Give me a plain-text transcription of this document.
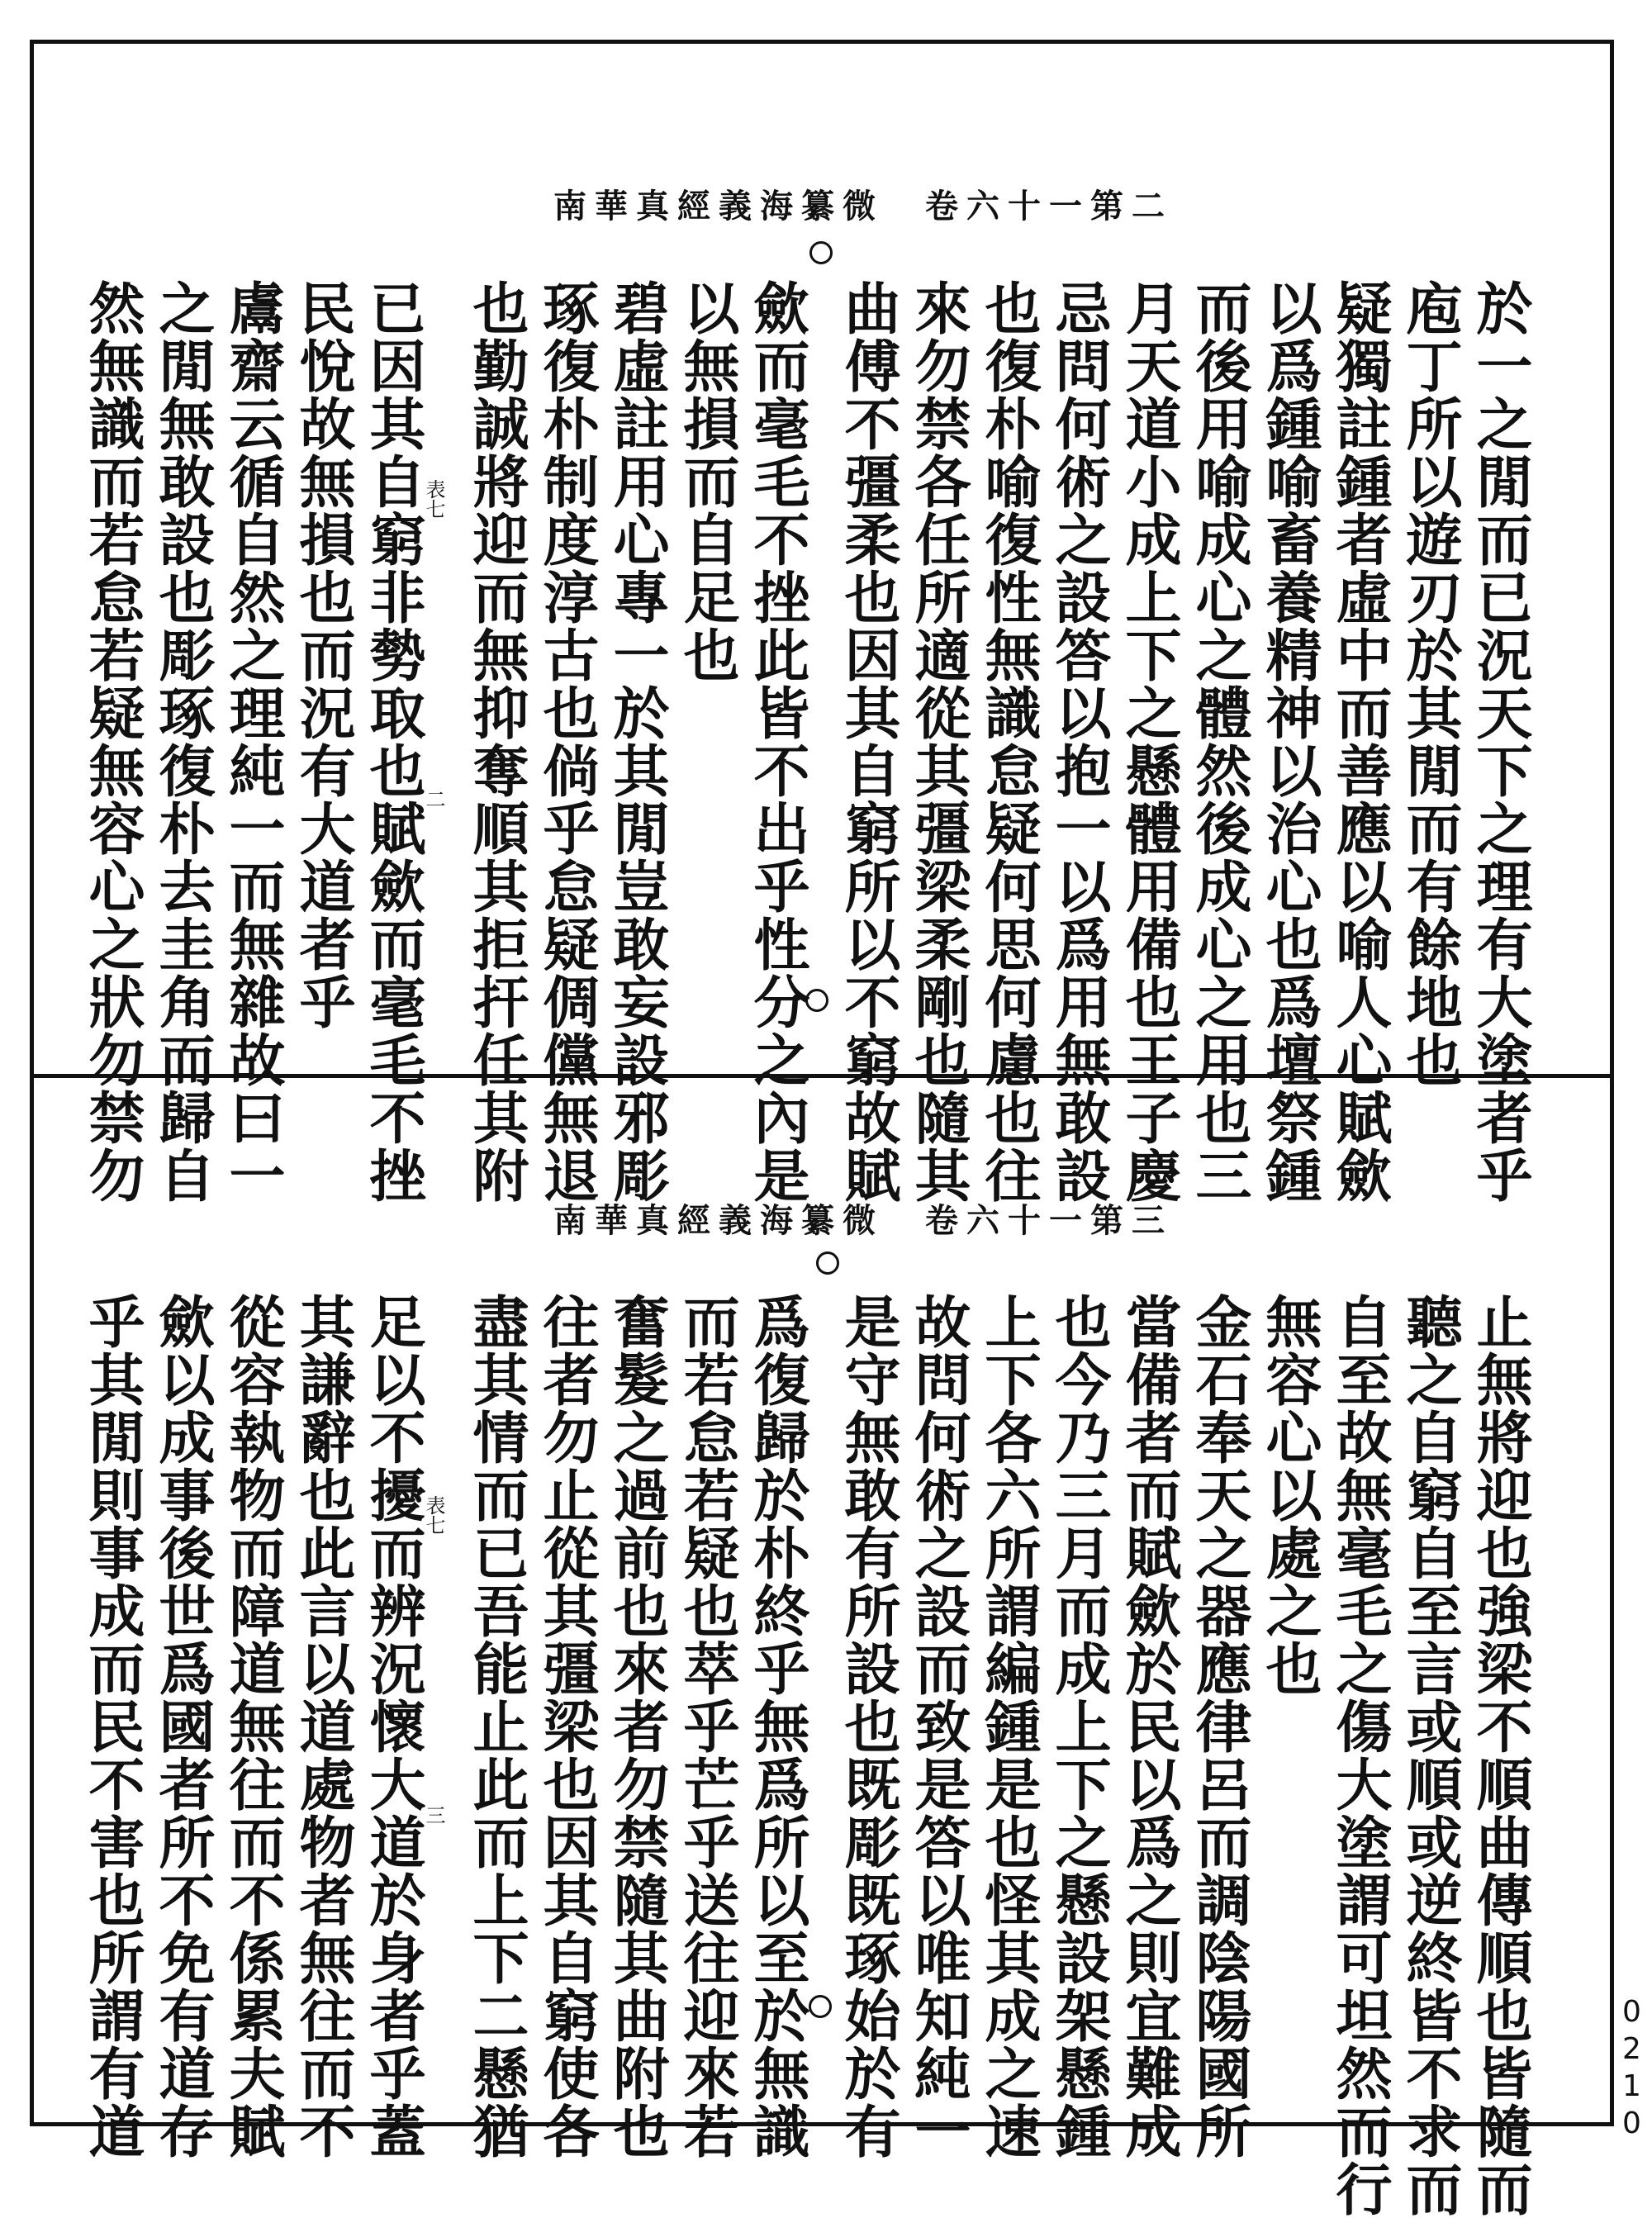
南華真經義海纂微　卷六十一第二
於一之閒而已況天下之理有大塗者乎
庖丁所以遊刃於其閒而有餘地也
疑獨註鍾者虛中而善應以喻人心賦歛
以爲鍾喻畜養精神以治心也爲壇祭鍾
而後用喻成心之體然後成心之用也三
月天道小成上下之懸體用備也王子慶
忌問何術之設答以抱一以爲用無敢設
也復朴喻復性無識怠疑何思何慮也往
來勿禁各任所適從其彊梁柔剛也隨其
曲傅不彊柔也因其自窮所以不窮故賦
歛而毫毛不挫此皆不出乎性分之內是
以無損而自足也
碧虛註用心專一於其閒豈敢妄設邪彫
琢復朴制度淳古也倘乎怠疑倜儻無退
也勤誠將迎而無抑奪順其拒扞任其附
已因其自窮非勢取也賦歛而毫毛不挫
民悅故無損也而況有大道者乎
鬳齋云循自然之理純一而無雜故曰一
之閒無敢設也彫琢復朴去圭角而歸自
然無識而若怠若疑無容心之狀勿禁勿	表七
二
南華真經義海纂微　卷六十一第三
止無將迎也強梁不順曲傳順也皆隨而
聽之自窮自至言或順或逆終皆不求而
自至故無毫毛之傷大塗謂可坦然而行
無容心以處之也
金石奉天之器應律呂而調陰陽國所
當備者而賦歛於民以爲之則宜難成
也今乃三月而成上下之懸設架懸鍾
上下各六所謂編鍾是也怪其成之速
故問何術之設而致是答以唯知純一
是守無敢有所設也既彫既琢始於有
爲復歸於朴終乎無爲所以至於無識
而若怠若疑也萃乎芒乎送往迎來若
奮髮之過前也來者勿禁隨其曲附也
往者勿止從其彊梁也因其自窮使各
盡其情而已吾能止此而上下二懸猶
足以不擾而辨況懷大道於身者乎蓋
其謙辭也此言以道處物者無往而不
從容執物而障道無往而不係累夫賦
歛以成事後世爲國者所不免有道存
乎其閒則事成而民不害也所謂有道	表七
三
0210
